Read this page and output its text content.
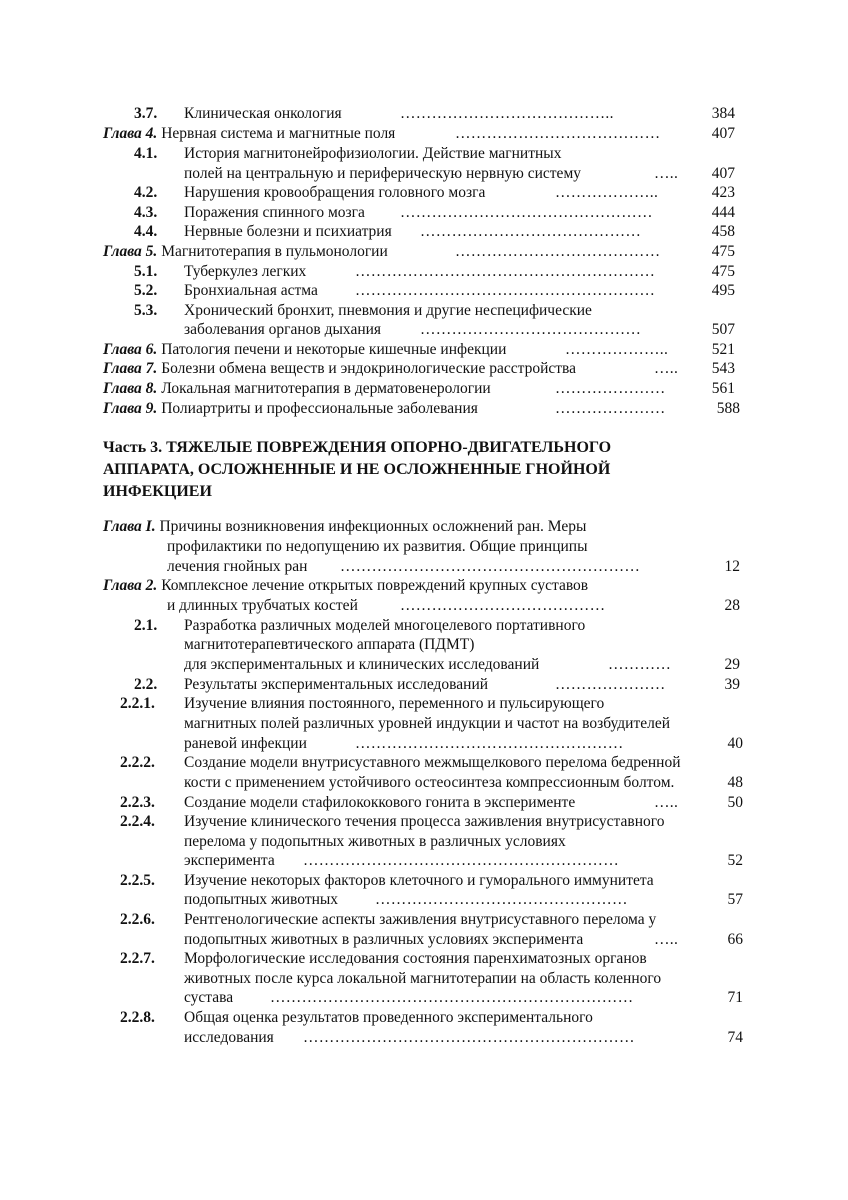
3.7. Клиническая онкология	…………………………………..	384
Глава 4. Нервная система и магнитные поля	…………………………………	407
4.1. История магнитонейрофизиологии. Действие магнитных
полей на центральную и периферическую нервную систему	…..	407
4.2. Нарушения кровообращения головного мозга	………………..	423
4.3. Поражения спинного мозга …………………………………………	444
4.4. Нервные болезни и психиатрия ……………………………………	458
Глава 5. Магнитотерапия в пульмонологии	…………………………………	475
5.1. Туберкулез легких	…………………………………………………	475
5.2. Бронхиальная астма …………………………………………………	495
5.3. Хронический бронхит, пневмония и другие неспецифические
заболевания органов дыхания	……………………………………	507
Глава 6. Патология печени и некоторые кишечные инфекции	………………..	521
Глава 7. Болезни обмена веществ и эндокринологические расстройства	…..	543
Глава 8. Локальная магнитотерапия в дерматовенерологии	…………………	561
Глава 9. Полиартриты и профессиональные заболевания	…………………	588
Часть 3. ТЯЖЕЛЫЕ ПОВРЕЖДЕНИЯ ОПОРНО-ДВИГАТЕЛЬНОГО
АППАРАТА, ОСЛОЖНЕННЫЕ И НЕ ОСЛОЖНЕННЫЕ ГНОЙНОЙ
ИНФЕКЦИЕИ
Глава I. Причины возникновения инфекционных осложнений ран. Меры
профилактики по недопущению их развития. Общие принципы
лечения гнойных ран …………………………………………………	12
Глава 2. Комплексное лечение открытых повреждений крупных суставов
и длинных трубчатых костей	…………………………………	28
2.1. Разработка различных моделей многоцелевого портативного
магнитотерапевтического аппарата (ПДМТ)
для экспериментальных и клинических исследований	…………	29
2.2. Результаты экспериментальных исследований	…………………	39
2.2.1. Изучение влияния постоянного, переменного и пульсирующего
магнитных полей различных уровней индукции и частот на возбудителей
раневой инфекции	……………………………………………	40
2.2.2. Создание модели внутрисуставного межмыщелкового перелома бедренной
кости с применением устойчивого остеосинтеза компрессионным болтом.	48
2.2.3. Создание модели стафилококкового гонита в эксперименте	…..	50
2.2.4. Изучение клинического течения процесса заживления внутрисуставного
перелома у подопытных животных в различных условиях
эксперимента ……………………………………………………	52
2.2.5. Изучение некоторых факторов клеточного и гуморального иммунитета
подопытных животных …………………………………………	57
2.2.6. Рентгенологические аспекты заживления внутрисуставного перелома у
подопытных животных в различных условиях эксперимента	…..	66
2.2.7. Морфологические исследования состояния паренхиматозных органов
животных после курса локальной магнитотерапии на область коленного
сустава ……………………………………………………………	71
2.2.8. Общая оценка результатов проведенного экспериментального
исследования ………………………………………………………	74
